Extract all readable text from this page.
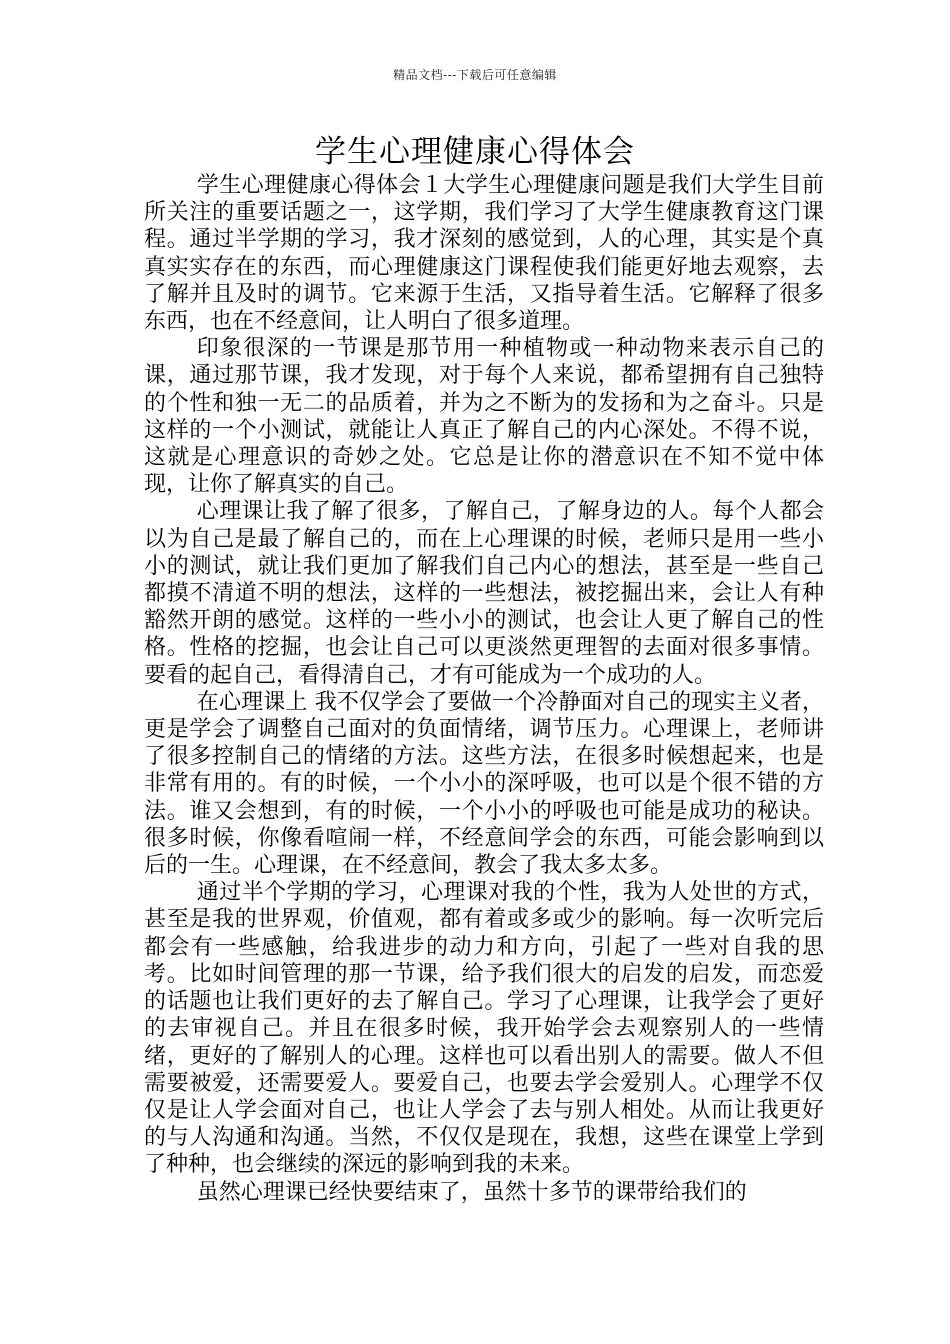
精品文档---下载后可任意编辑
学生心理健康心得体会

学生心理健康心得体会１大学生心理健康问题是我们大学生目前所关注的重要话题之一，这学期，我们学习了大学生健康教育这门课程。通过半学期的学习，我才深刻的感觉到，人的心理，其实是个真真实实存在的东西，而心理健康这门课程使我们能更好地去观察，去了解并且及时的调节。它来源于生活，又指导着生活。它解释了很多东西，也在不经意间，让人明白了很多道理。

印象很深的一节课是那节用一种植物或一种动物来表示自己的课，通过那节课，我才发现，对于每个人来说，都希望拥有自己独特的个性和独一无二的品质着，并为之不断为的发扬和为之奋斗。只是这样的一个小测试，就能让人真正了解自己的内心深处。不得不说，这就是心理意识的奇妙之处。它总是让你的潜意识在不知不觉中体现，让你了解真实的自己。

心理课让我了解了很多，了解自己，了解身边的人。每个人都会以为自己是最了解自己的，而在上心理课的时候，老师只是用一些小小的测试，就让我们更加了解我们自己内心的想法，甚至是一些自己都摸不清道不明的想法，这样的一些想法，被挖掘出来，会让人有种豁然开朗的感觉。这样的一些小小的测试，也会让人更了解自己的性格。性格的挖掘，也会让自己可以更淡然更理智的去面对很多事情。要看的起自己，看得清自己，才有可能成为一个成功的人。

在心理课上 我不仅学会了要做一个冷静面对自己的现实主义者，更是学会了调整自己面对的负面情绪，调节压力。心理课上，老师讲了很多控制自己的情绪的方法。这些方法，在很多时候想起来，也是非常有用的。有的时候，一个小小的深呼吸，也可以是个很不错的方法。谁又会想到，有的时候，一个小小的呼吸也可能是成功的秘诀。很多时候，你像看喧闹一样，不经意间学会的东西，可能会影响到以后的一生。心理课，在不经意间，教会了我太多太多。

通过半个学期的学习，心理课对我的个性，我为人处世的方式，甚至是我的世界观，价值观，都有着或多或少的影响。每一次听完后都会有一些感触，给我进步的动力和方向，引起了一些对自我的思考。比如时间管理的那一节课，给予我们很大的启发的启发，而恋爱的话题也让我们更好的去了解自己。学习了心理课，让我学会了更好的去审视自己。并且在很多时候，我开始学会去观察别人的一些情绪，更好的了解别人的心理。这样也可以看出别人的需要。做人不但需要被爱，还需要爱人。要爱自己，也要去学会爱别人。心理学不仅仅是让人学会面对自己，也让人学会了去与别人相处。从而让我更好的与人沟通和沟通。当然，不仅仅是现在，我想，这些在课堂上学到了种种，也会继续的深远的影响到我的未来。

虽然心理课已经快要结束了，虽然十多节的课带给我们的
